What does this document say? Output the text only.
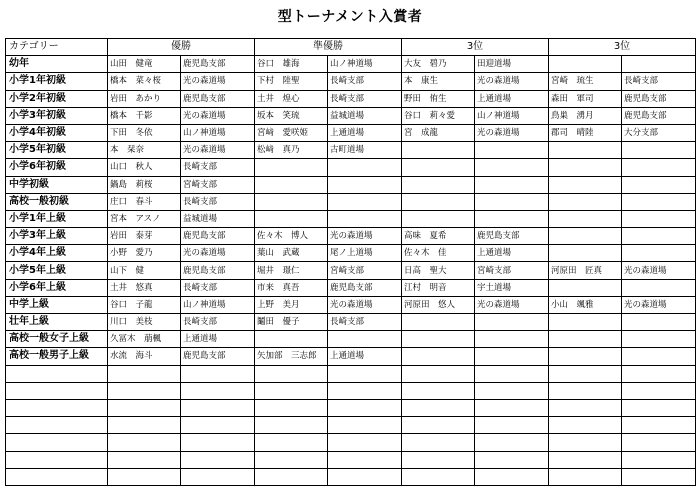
型トーナメント入賞者
カテゴリー	優勝		準優勝		3位		3位	
幼年	山田　健竜	鹿児島支部	谷口　雄海	山ノ神道場	大友　碧乃	田迎道場		
小学1年初級	橋本　菜々桜	光の森道場	下村　陸聖	長崎支部	本　康生	光の森道場	宮崎　琉生	長崎支部
小学2年初級	岩田　あかり	鹿児島支部	土井　煌心	長崎支部	野田　侑生	上通道場	森田　軍司	鹿児島支部
小学3年初級	橋本　千影	光の森道場	坂本　笑琉	益城道場	谷口　莉々愛	山ノ神道場	鳥巣　湧月	鹿児島支部
小学4年初級	下田　冬依	山ノ神道場	宮﨑　愛咲姫	上通道場	宮　成龍	光の森道場	郡司　晴陸	大分支部
小学5年初級	本　栞奈	光の森道場	松﨑　真乃	古町道場				
小学6年初級	山口　秋人	長崎支部						
中学初級	鍋島　莉桜	宮崎支部						
高校一般初級	庄口　春斗	長崎支部						
小学1年上級	宮本　アスノ	益城道場						
小学3年上級	岩田　泰芽	鹿児島支部	佐々木　博人	光の森道場	高味　夏希	鹿児島支部		
小学4年上級	小野　愛乃	光の森道場	葉山　武蔵	尾ノ上道場	佐々木　佳	上通道場		
小学5年上級	山下　健	鹿児島支部	堀井　璟仁	宮崎支部	日高　聖大	宮崎支部	河原田　匠真	光の森道場
小学6年上級	土井　悠真	長崎支部	市来　真吾	鹿児島支部	江村　明音	宇土道場		
中学上級	谷口　子龍	山ノ神道場	上野　美月	光の森道場	河原田　悠人	光の森道場	小山　颯雅	光の森道場
壮年上級	川口　美枝	長崎支部	鬮田　優子	長崎支部				
高校一般女子上級	久冨木　萠楓	上通道場						
高校一般男子上級	水流　海斗	鹿児島支部	矢加部　三志郎	上通道場				
